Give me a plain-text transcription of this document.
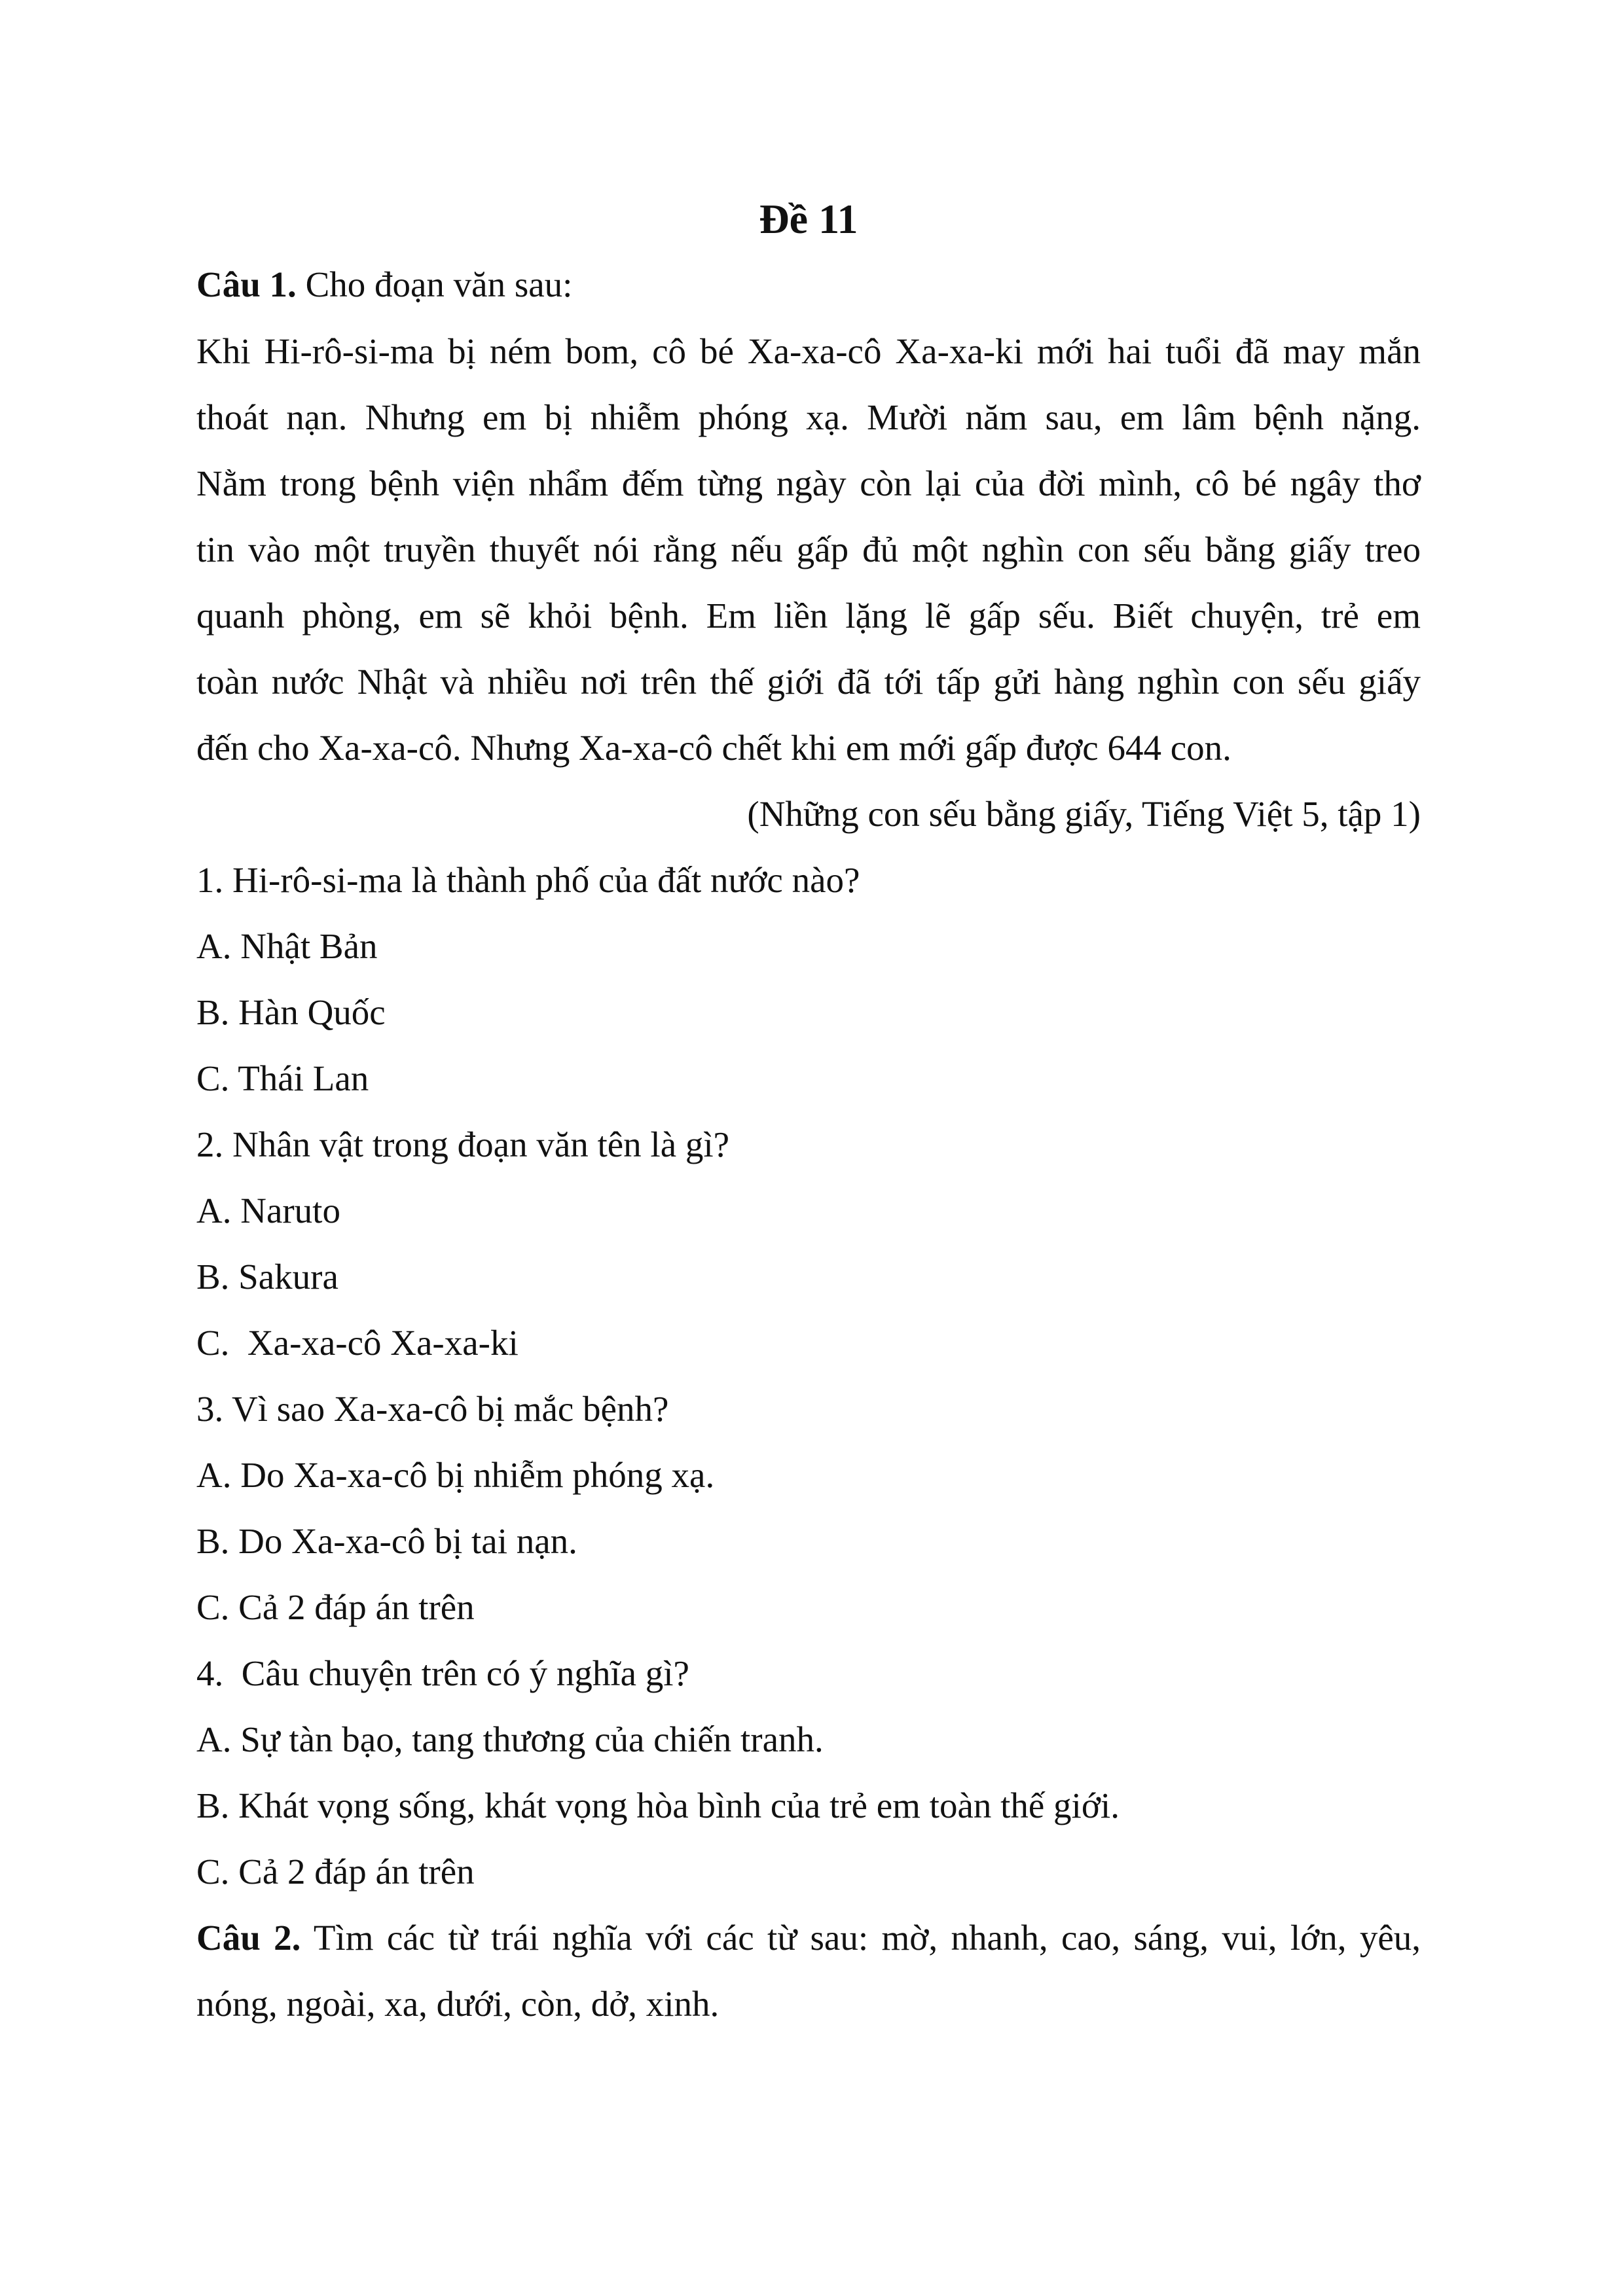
Đề 11

Câu 1. Cho đoạn văn sau:

Khi Hi-rô-si-ma bị ném bom, cô bé Xa-xa-cô Xa-xa-ki mới hai tuổi đã may mắn

thoát nạn. Nhưng em bị nhiễm phóng xạ. Mười năm sau, em lâm bệnh nặng.

Nằm trong bệnh viện nhẩm đếm từng ngày còn lại của đời mình, cô bé ngây thơ

tin vào một truyền thuyết nói rằng nếu gấp đủ một nghìn con sếu bằng giấy treo

quanh phòng, em sẽ khỏi bệnh. Em liền lặng lẽ gấp sếu. Biết chuyện, trẻ em

toàn nước Nhật và nhiều nơi trên thế giới đã tới tấp gửi hàng nghìn con sếu giấy

đến cho Xa-xa-cô. Nhưng Xa-xa-cô chết khi em mới gấp được 644 con.

(Những con sếu bằng giấy, Tiếng Việt 5, tập 1)

1. Hi-rô-si-ma là thành phố của đất nước nào?

A. Nhật Bản

B. Hàn Quốc

C. Thái Lan

2. Nhân vật trong đoạn văn tên là gì?

A. Naruto

B. Sakura

C.  Xa-xa-cô Xa-xa-ki

3. Vì sao Xa-xa-cô bị mắc bệnh?

A. Do Xa-xa-cô bị nhiễm phóng xạ.

B. Do Xa-xa-cô bị tai nạn.

C. Cả 2 đáp án trên

4.  Câu chuyện trên có ý nghĩa gì?

A. Sự tàn bạo, tang thương của chiến tranh.

B. Khát vọng sống, khát vọng hòa bình của trẻ em toàn thế giới.

C. Cả 2 đáp án trên

Câu 2. Tìm các từ trái nghĩa với các từ sau: mờ, nhanh, cao, sáng, vui, lớn, yêu,

nóng, ngoài, xa, dưới, còn, dở, xinh.
